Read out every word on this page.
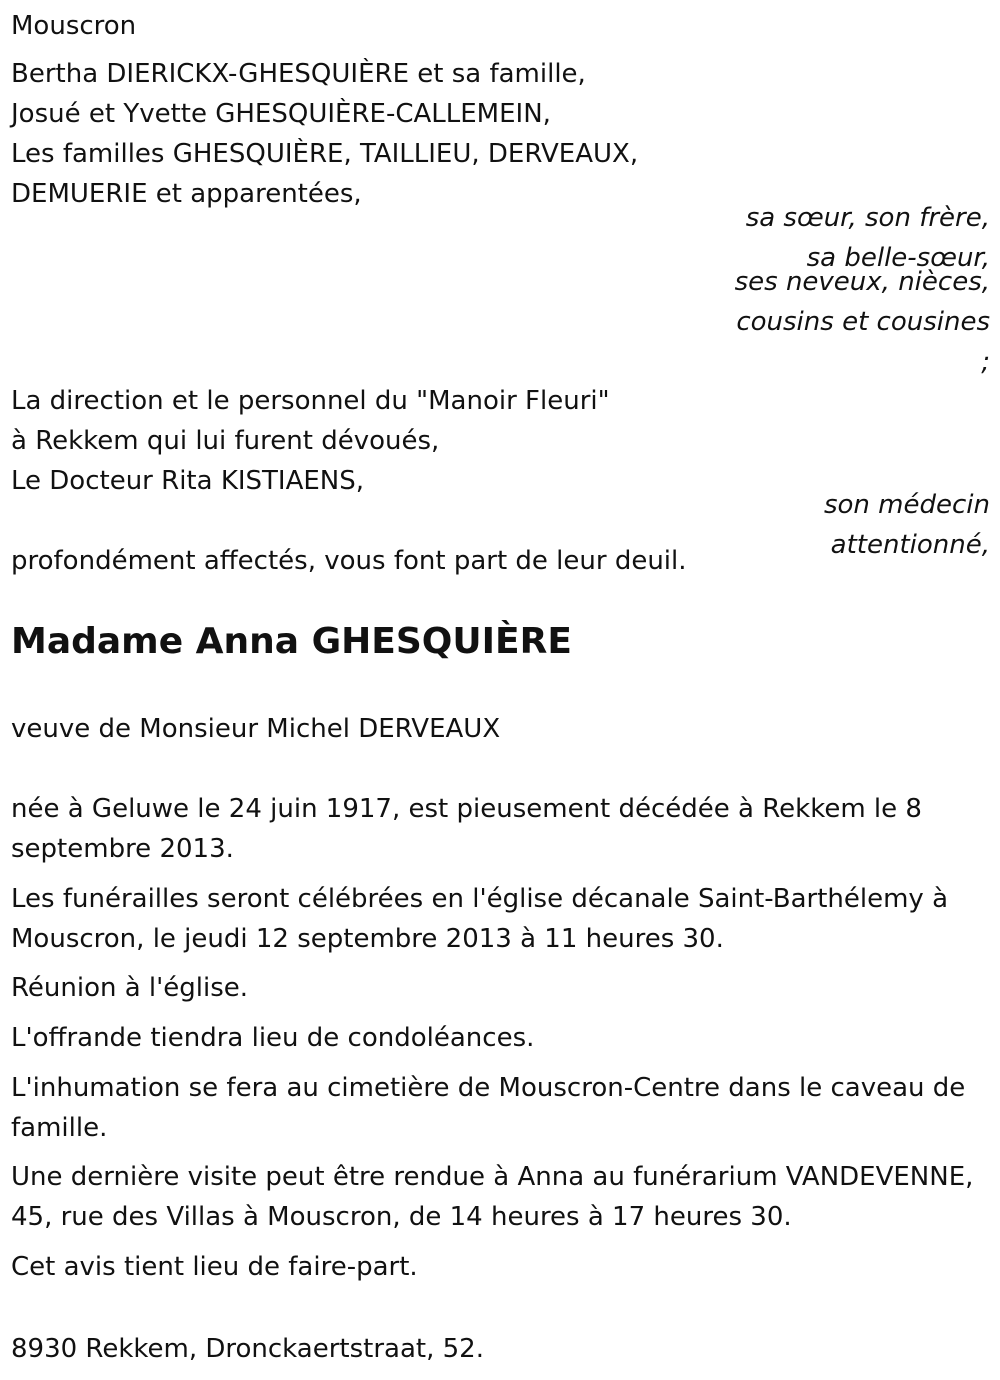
Mouscron

Bertha DIERICKX-GHESQUIÈRE et sa famille,

Josué et Yvette GHESQUIÈRE-CALLEMEIN,

Les familles GHESQUIÈRE, TAILLIEU, DERVEAUX,

DEMUERIE et apparentées,

sa sœur, son frère,

sa belle-sœur,

ses neveux, nièces,

cousins et cousines

;

La direction et le personnel du "Manoir Fleuri"

à Rekkem qui lui furent dévoués,

Le Docteur Rita KISTIAENS,

son médecin

attentionné,

profondément affectés, vous font part de leur deuil.

Madame Anna GHESQUIÈRE

veuve de Monsieur Michel DERVEAUX

née à Geluwe le 24 juin 1917, est pieusement décédée à Rekkem le 8 septembre 2013.

Les funérailles seront célébrées en l'église décanale Saint-Barthélemy à Mouscron, le jeudi 12 septembre 2013 à 11 heures 30.

Réunion à l'église.

L'offrande tiendra lieu de condoléances.

L'inhumation se fera au cimetière de Mouscron-Centre dans le caveau de famille.

Une dernière visite peut être rendue à Anna au funérarium VANDEVENNE, 45, rue des Villas à Mouscron, de 14 heures à 17 heures 30.

Cet avis tient lieu de faire-part.

8930 Rekkem, Dronckaertstraat, 52.
